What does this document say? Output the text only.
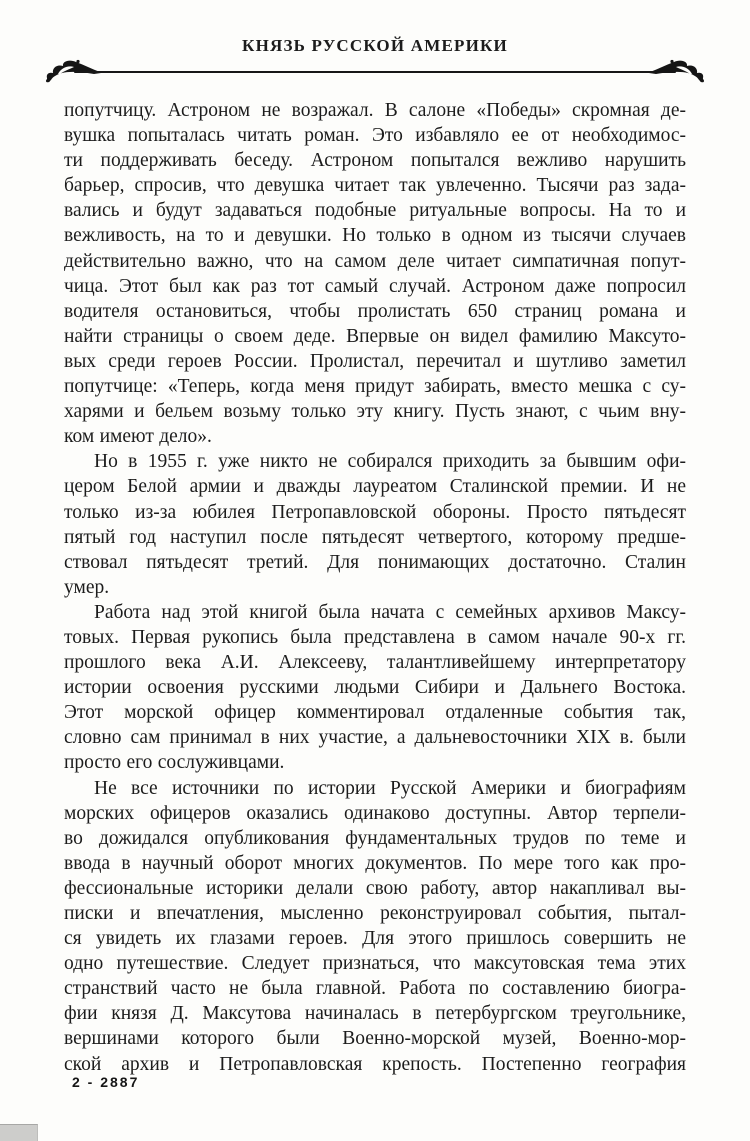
КНЯЗЬ РУССКОЙ АМЕРИКИ
попутчицу. Астроном не возражал. В салоне «Победы» скромная де-
вушка попыталась читать роман. Это избавляло ее от необходимос-
ти поддерживать беседу. Астроном попытался вежливо нарушить
барьер, спросив, что девушка читает так увлеченно. Тысячи раз зада-
вались и будут задаваться подобные ритуальные вопросы. На то и
вежливость, на то и девушки. Но только в одном из тысячи случаев
действительно важно, что на самом деле читает симпатичная попут-
чица. Этот был как раз тот самый случай. Астроном даже попросил
водителя остановиться, чтобы пролистать 650 страниц романа и
найти страницы о своем деде. Впервые он видел фамилию Максуто-
вых среди героев России. Пролистал, перечитал и шутливо заметил
попутчице: «Теперь, когда меня придут забирать, вместо мешка с су-
харями и бельем возьму только эту книгу. Пусть знают, с чьим вну-
ком имеют дело».
Но в 1955 г. уже никто не собирался приходить за бывшим офи-
цером Белой армии и дважды лауреатом Сталинской премии. И не
только из-за юбилея Петропавловской обороны. Просто пятьдесят
пятый год наступил после пятьдесят четвертого, которому предше-
ствовал пятьдесят третий. Для понимающих достаточно. Сталин
умер.
Работа над этой книгой была начата с семейных архивов Максу-
товых. Первая рукопись была представлена в самом начале 90-х гг.
прошлого века А.И. Алексееву, талантливейшему интерпретатору
истории освоения русскими людьми Сибири и Дальнего Востока.
Этот морской офицер комментировал отдаленные события так,
словно сам принимал в них участие, а дальневосточники XIX в. были
просто его сослуживцами.
Не все источники по истории Русской Америки и биографиям
морских офицеров оказались одинаково доступны. Автор терпели-
во дожидался опубликования фундаментальных трудов по теме и
ввода в научный оборот многих документов. По мере того как про-
фессиональные историки делали свою работу, автор накапливал вы-
писки и впечатления, мысленно реконструировал события, пытал-
ся увидеть их глазами героев. Для этого пришлось совершить не
одно путешествие. Следует признаться, что максутовская тема этих
странствий часто не была главной. Работа по составлению биогра-
фии князя Д. Максутова начиналась в петербургском треугольнике,
вершинами которого были Военно-морской музей, Военно-мор-
ской архив и Петропавловская крепость. Постепенно география
2 - 2887
